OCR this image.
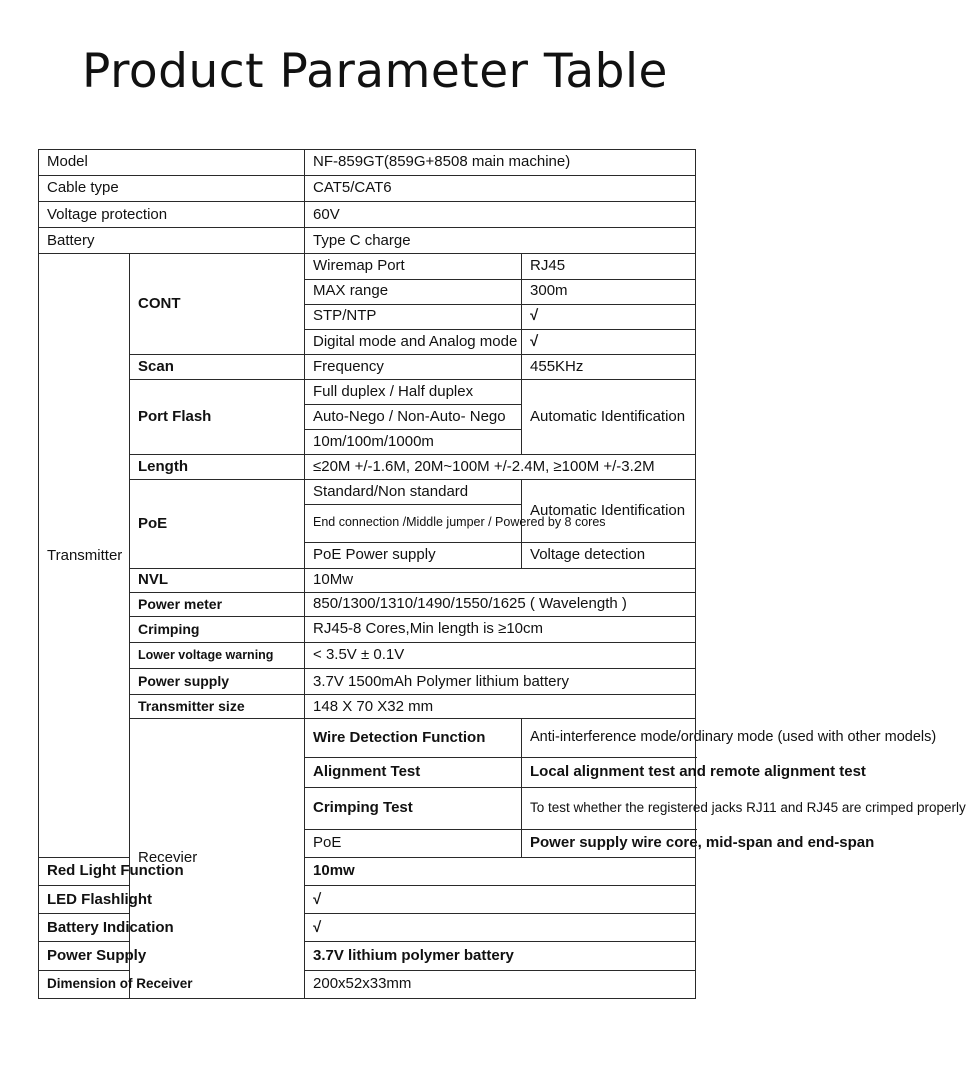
Product Parameter Table
Model		NF-859GT(859G+8508 main machine)	
Cable type		CAT5/CAT6	
Voltage protection		60V	
Battery		Type C charge	
Transmitter	CONT	Wiremap Port	RJ45
		MAX range	300m
		STP/NTP	√
		Digital mode and Analog mode	√
	Scan	Frequency	455KHz
	Port Flash	Full duplex / Half duplex	Automatic Identification
		Auto-Nego / Non-Auto- Nego	
		10m/100m/1000m	
	Length	≤20M +/-1.6M, 20M~100M +/-2.4M, ≥100M +/-3.2M	
	PoE	Standard/Non standard	Automatic Identification
		End connection /Middle jumper / Powered by 8 cores	
		PoE Power supply	Voltage detection
	NVL	10Mw	
	Power meter	850/1300/1310/1490/1550/1625 ( Wavelength )	
	Crimping	RJ45-8 Cores,Min length is ≥10cm	
	Lower voltage warning	< 3.5V ± 0.1V	
	Power supply	3.7V 1500mAh Polymer lithium battery	
	Transmitter size	148 X 70 X32 mm	
	Recevier	Wire Detection Function	Anti-interference mode/ordinary mode (used with other models)
		Alignment Test	Local alignment test and remote alignment test
		Crimping Test	To test whether the registered jacks RJ11 and RJ45 are crimped properly
		PoE	Power supply wire core, mid-span and end-span
Red Light Function		10mw	
LED Flashlight		√	
Battery Indication		√	
Power Supply		3.7V lithium polymer battery	
Dimension of Receiver		200x52x33mm	
